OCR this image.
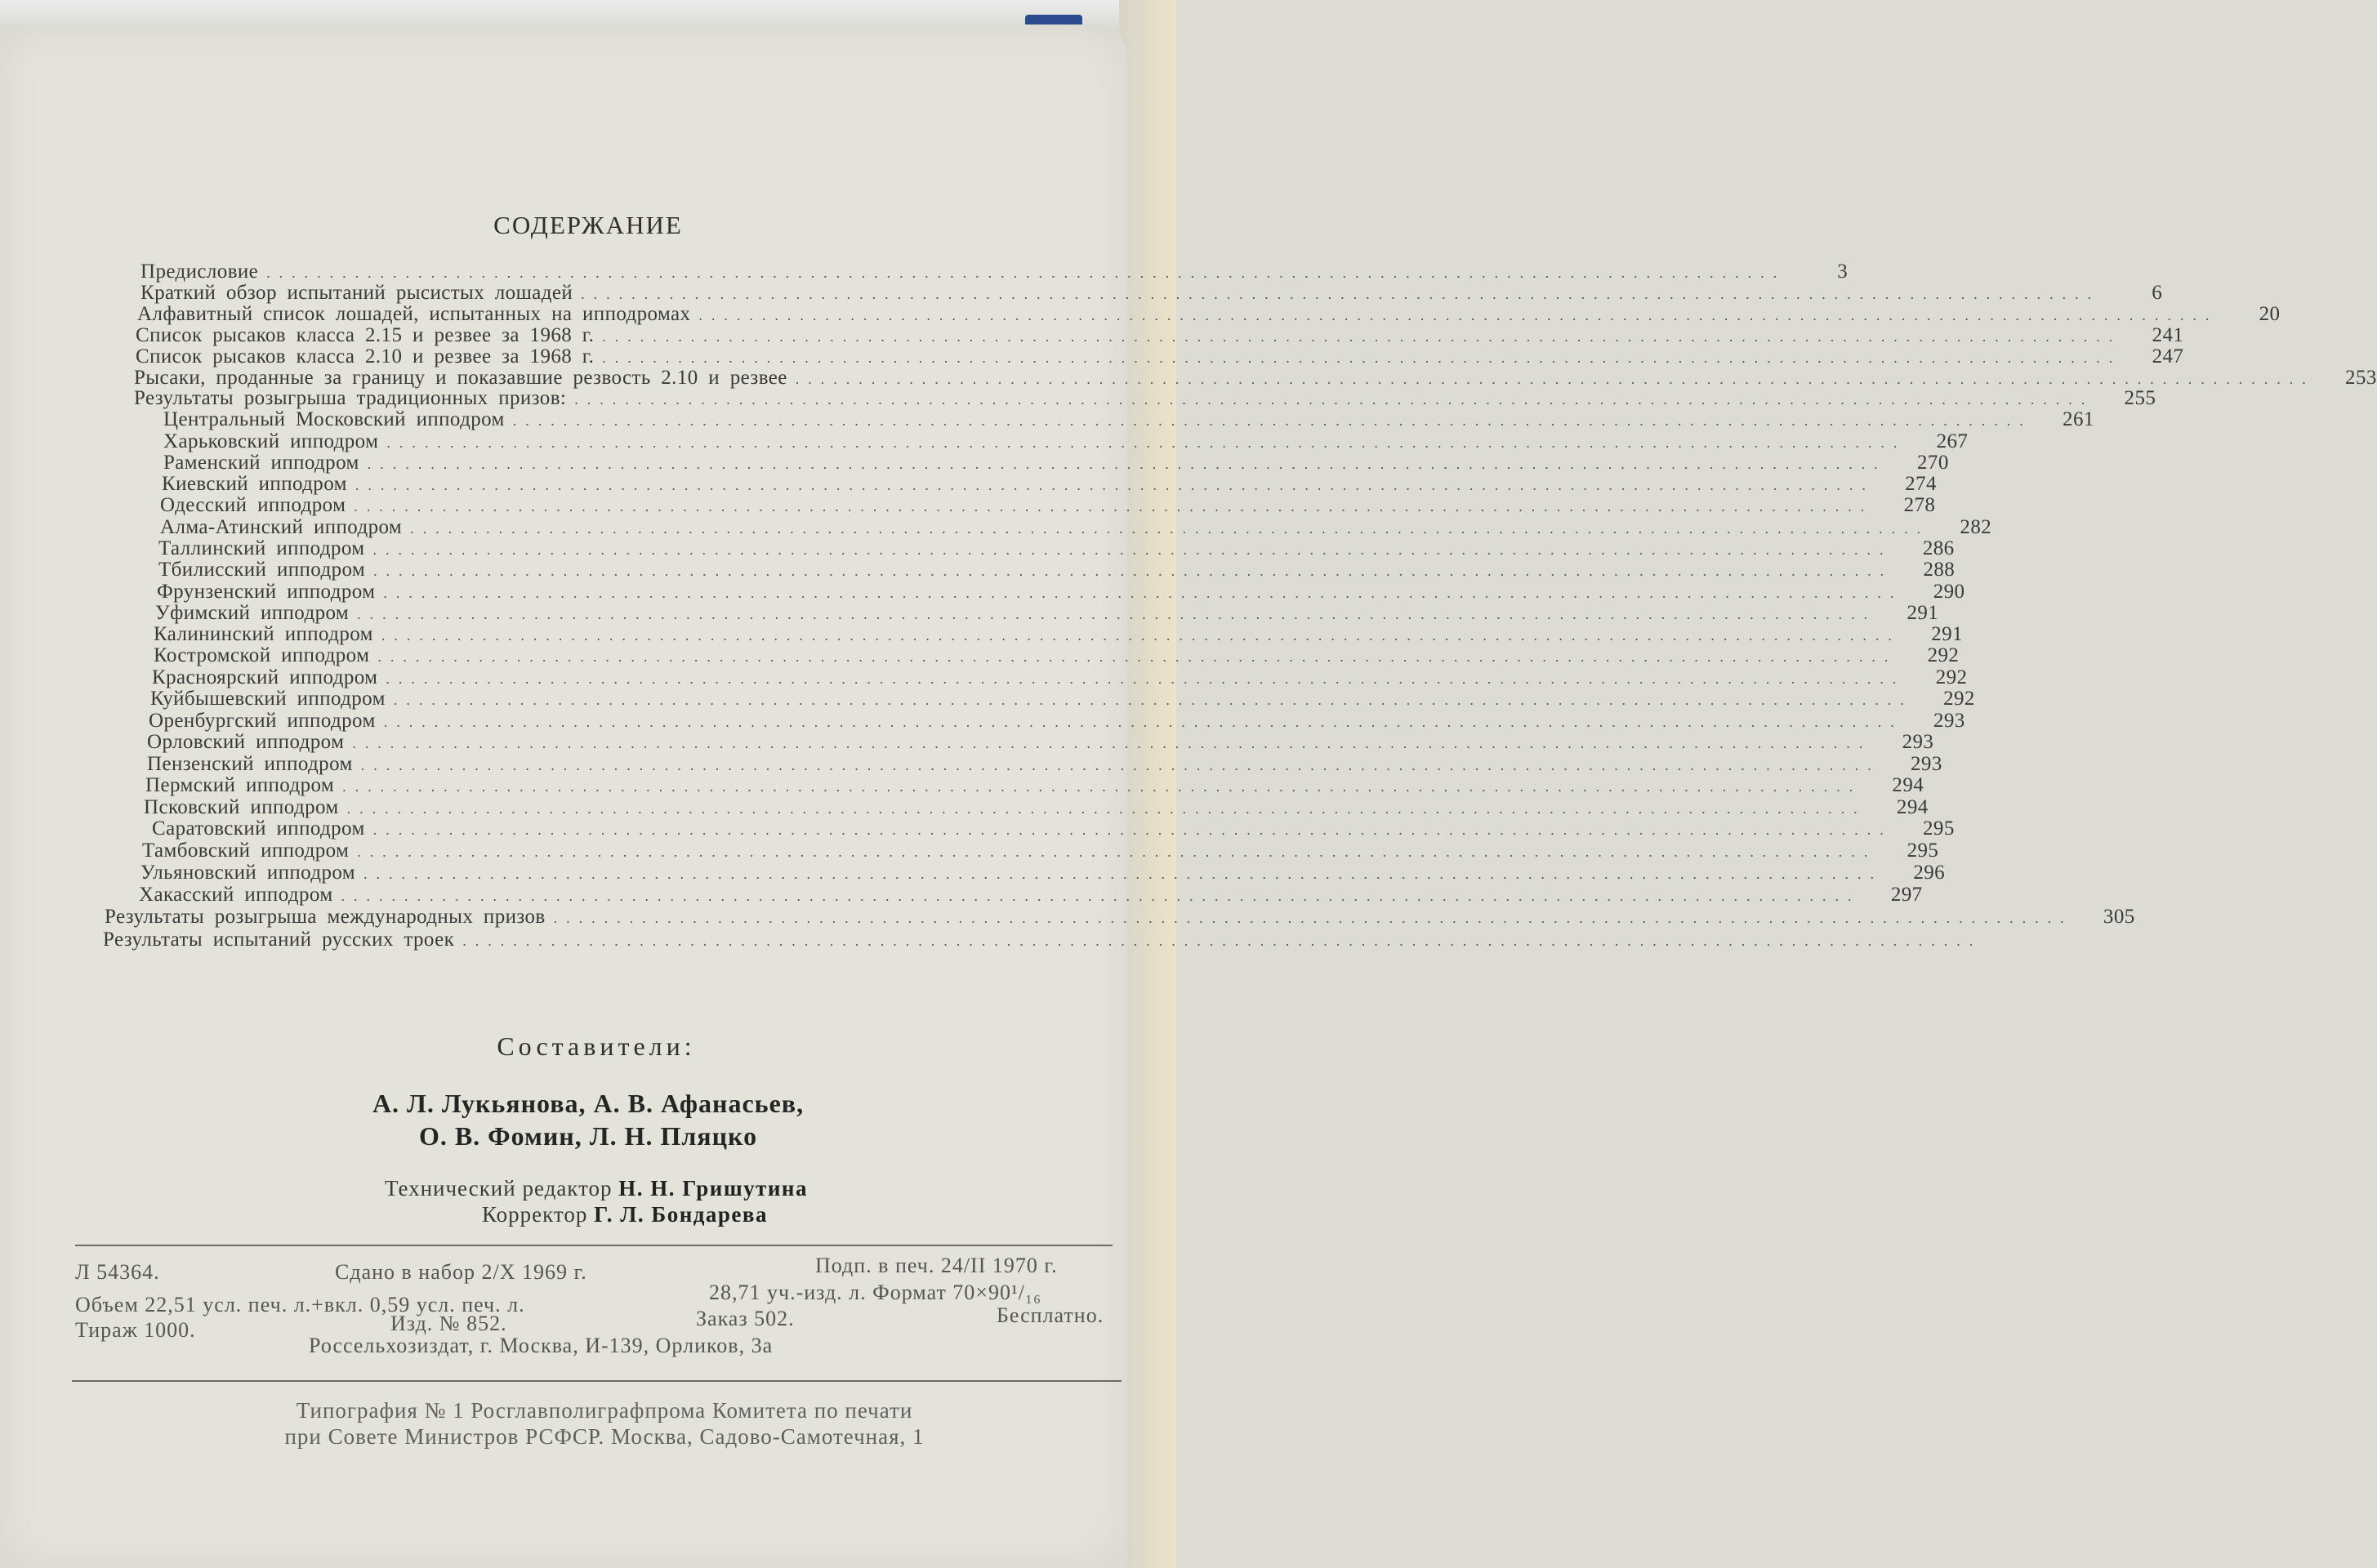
СОДЕРЖАНИЕ
Предисловие ........................................................................................................................	3
Краткий обзор испытаний рысистых лошадей ........................................................................................................................	6
Алфавитный список лошадей, испытанных на ипподромах ........................................................................................................................	20
Список рысаков класса 2.15 и резвее за 1968 г. ........................................................................................................................	241
Список рысаков класса 2.10 и резвее за 1968 г. ........................................................................................................................	247
Рысаки, проданные за границу и показавшие резвость 2.10 и резвее ........................................................................................................................	253
Результаты розыгрыша традиционных призов: ........................................................................................................................	255
Центральный Московский ипподром ........................................................................................................................	261
Харьковский ипподром ........................................................................................................................	267
Раменский ипподром ........................................................................................................................	270
Киевский ипподром ........................................................................................................................	274
Одесский ипподром ........................................................................................................................	278
Алма-Атинский ипподром ........................................................................................................................	282
Таллинский ипподром ........................................................................................................................	286
Тбилисский ипподром ........................................................................................................................	288
Фрунзенский ипподром ........................................................................................................................	290
Уфимский ипподром ........................................................................................................................	291
Калининский ипподром ........................................................................................................................	291
Костромской ипподром ........................................................................................................................	292
Красноярский ипподром ........................................................................................................................	292
Куйбышевский ипподром ........................................................................................................................	292
Оренбургский ипподром ........................................................................................................................	293
Орловский ипподром ........................................................................................................................	293
Пензенский ипподром ........................................................................................................................	293
Пермский ипподром ........................................................................................................................	294
Псковский ипподром ........................................................................................................................	294
Саратовский ипподром ........................................................................................................................	295
Тамбовский ипподром ........................................................................................................................	295
Ульяновский ипподром ........................................................................................................................	296
Хакасский ипподром ........................................................................................................................	297
Результаты розыгрыша международных призов ........................................................................................................................	305
Результаты испытаний русских троек ........................................................................................................................
Составители:
А. Л. Лукьянова, А. В. Афанасьев,
О. В. Фомин, Л. Н. Пляцко
Технический редактор Н. Н. Гришутина
Корректор Г. Л. Бондарева
Л 54364.	Сдано в набор 2/X 1969 г.	Подп. в печ. 24/II 1970 г.
Объем 22,51 усл. печ. л.+вкл. 0,59 усл. печ. л.
28,71 уч.-изд. л. Формат 70×90¹/₁₆
Тираж 1000.	Изд. № 852.	Заказ 502.	Бесплатно.
Россельхозиздат, г. Москва, И-139, Орликов, 3а
Типография № 1 Росглавполиграфпрома Комитета по печати
при Совете Министров РСФСР. Москва, Садово-Самотечная, 1
